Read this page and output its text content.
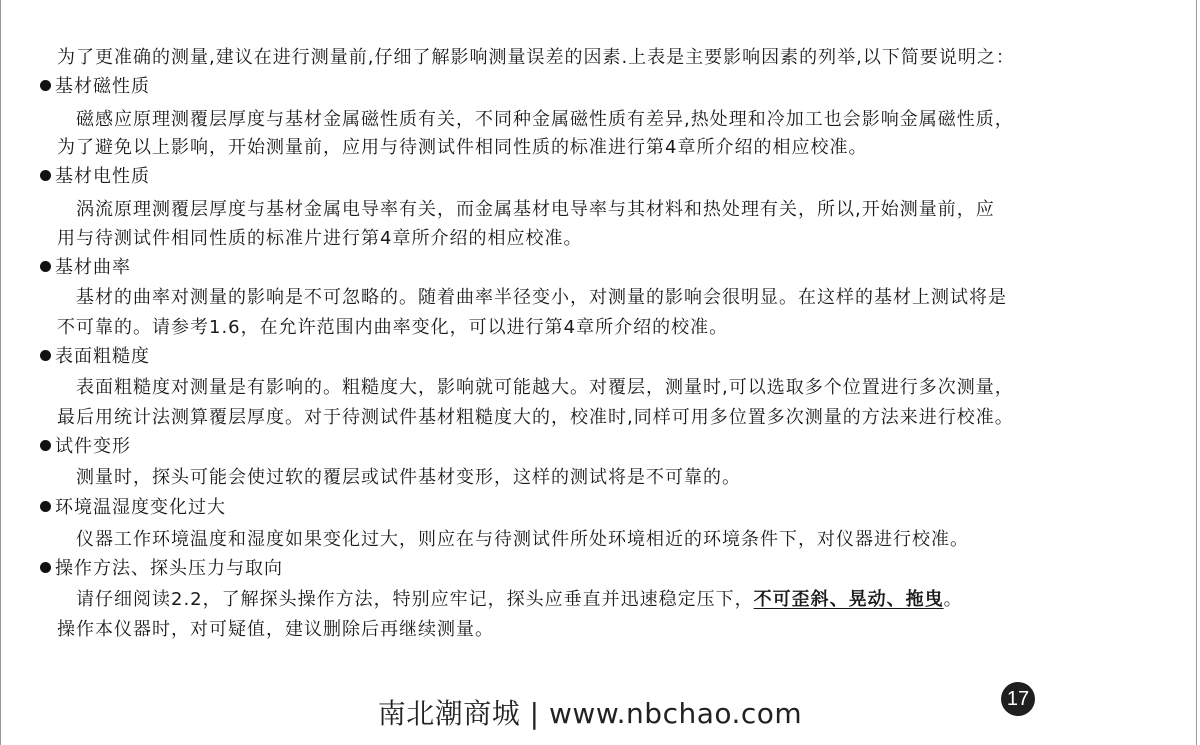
为了更准确的测量,建议在进行测量前,仔细了解影响测量误差的因素.上表是主要影响因素的列举,以下简要说明之：
基材磁性质
磁感应原理测覆层厚度与基材金属磁性质有关，不同种金属磁性质有差异,热处理和冷加工也会影响金属磁性质，
为了避免以上影响，开始测量前，应用与待测试件相同性质的标准进行第4章所介绍的相应校准。
基材电性质
涡流原理测覆层厚度与基材金属电导率有关，而金属基材电导率与其材料和热处理有关，所以,开始测量前，应
用与待测试件相同性质的标准片进行第4章所介绍的相应校准。
基材曲率
基材的曲率对测量的影响是不可忽略的。随着曲率半径变小，对测量的影响会很明显。在这样的基材上测试将是
不可靠的。请参考1.6，在允许范围内曲率变化，可以进行第4章所介绍的校准。
表面粗糙度
表面粗糙度对测量是有影响的。粗糙度大，影响就可能越大。对覆层，测量时,可以选取多个位置进行多次测量，
最后用统计法测算覆层厚度。对于待测试件基材粗糙度大的，校准时,同样可用多位置多次测量的方法来进行校准。
试件变形
测量时，探头可能会使过软的覆层或试件基材变形，这样的测试将是不可靠的。
环境温湿度变化过大
仪器工作环境温度和湿度如果变化过大，则应在与待测试件所处环境相近的环境条件下，对仪器进行校准。
操作方法、探头压力与取向
请仔细阅读2.2，了解探头操作方法，特别应牢记，探头应垂直并迅速稳定压下，不可歪斜、晃动、拖曳。
操作本仪器时，对可疑值，建议删除后再继续测量。
17
南北潮商城 | www.nbchao.com
